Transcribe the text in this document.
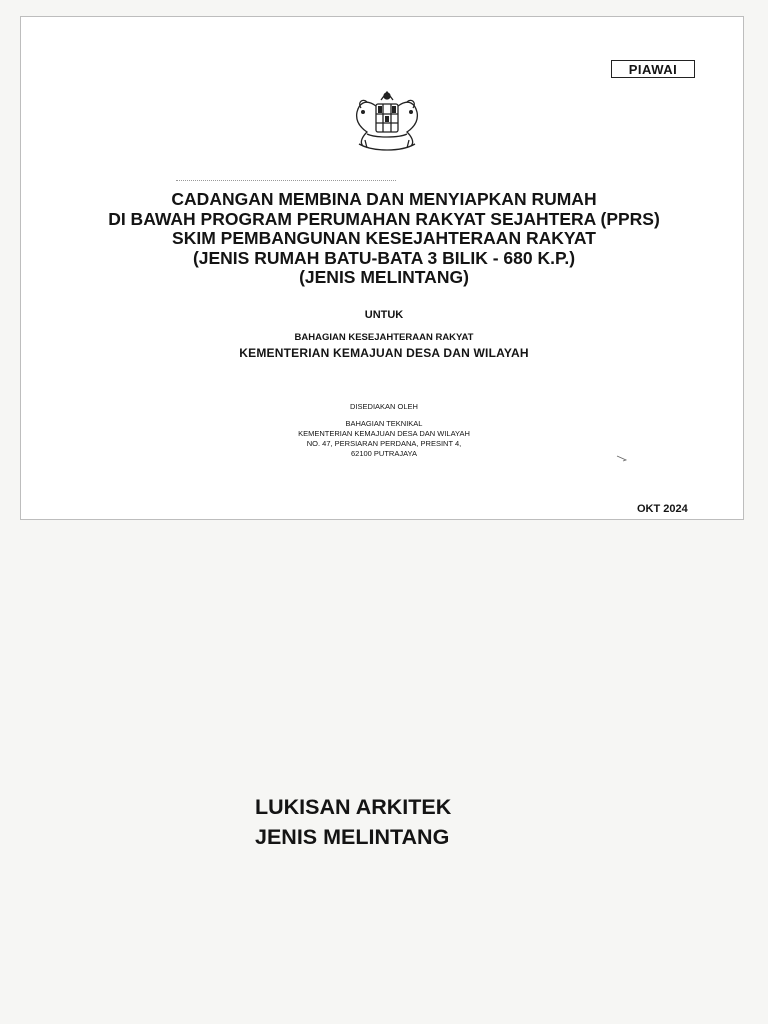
PIAWAI
CADANGAN MEMBINA DAN MENYIAPKAN RUMAH
DI BAWAH PROGRAM PERUMAHAN RAKYAT SEJAHTERA (PPRS)
SKIM PEMBANGUNAN KESEJAHTERAAN RAKYAT
(JENIS RUMAH BATU-BATA 3 BILIK - 680 K.P.)
(JENIS MELINTANG)
UNTUK
BAHAGIAN KESEJAHTERAAN RAKYAT
KEMENTERIAN KEMAJUAN DESA DAN WILAYAH
DISEDIAKAN OLEH
BAHAGIAN TEKNIKAL
KEMENTERIAN KEMAJUAN DESA DAN WILAYAH
NO. 47, PERSIARAN PERDANA, PRESINT 4,
62100 PUTRAJAYA
OKT 2024
LUKISAN ARKITEK
JENIS MELINTANG
